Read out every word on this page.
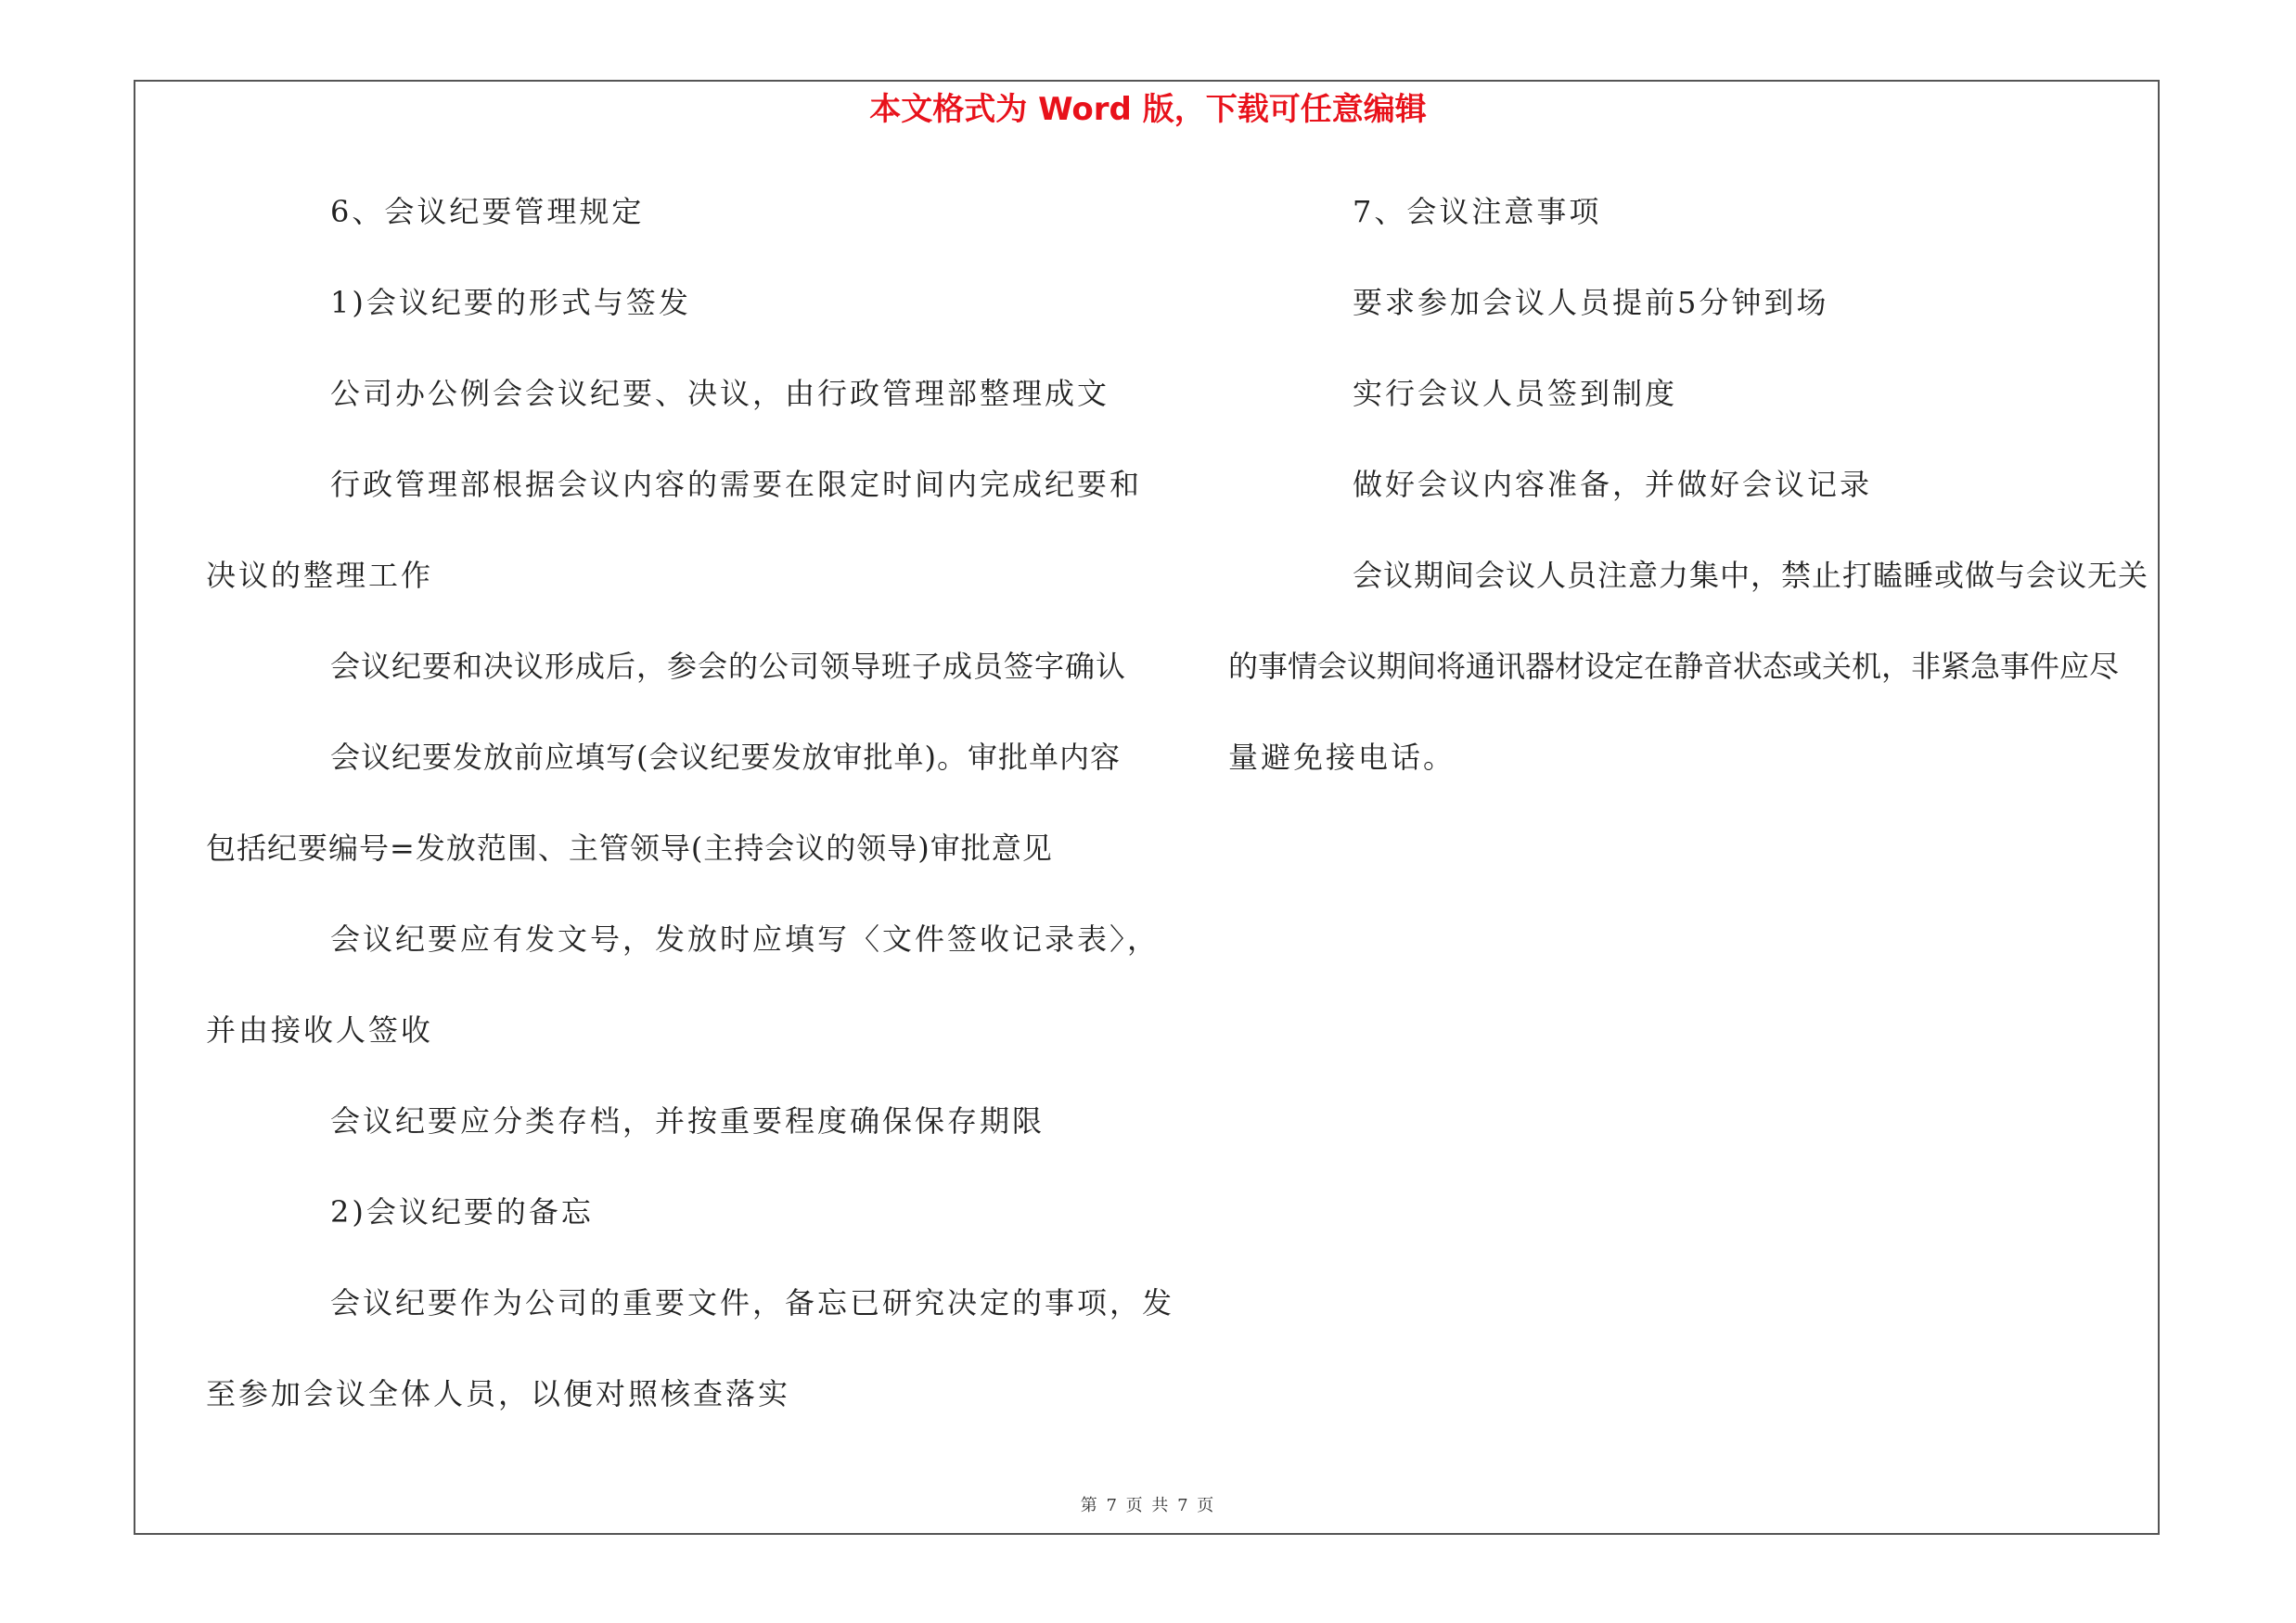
本文格式为 Word 版，下载可任意编辑
6、会议纪要管理规定
1)会议纪要的形式与签发
公司办公例会会议纪要、决议，由行政管理部整理成文
行政管理部根据会议内容的需要在限定时间内完成纪要和
决议的整理工作
会议纪要和决议形成后，参会的公司领导班子成员签字确认
会议纪要发放前应填写(会议纪要发放审批单)。审批单内容
包括纪要编号=发放范围、主管领导(主持会议的领导)审批意见
会议纪要应有发文号，发放时应填写〈文件签收记录表〉，
并由接收人签收
会议纪要应分类存档，并按重要程度确保保存期限
2)会议纪要的备忘
会议纪要作为公司的重要文件，备忘已研究决定的事项，发
至参加会议全体人员，以便对照核查落实
7、会议注意事项
要求参加会议人员提前5分钟到场
实行会议人员签到制度
做好会议内容准备，并做好会议记录
会议期间会议人员注意力集中，禁止打瞌睡或做与会议无关
的事情会议期间将通讯器材设定在静音状态或关机，非紧急事件应尽
量避免接电话。
第 7 页 共 7 页
